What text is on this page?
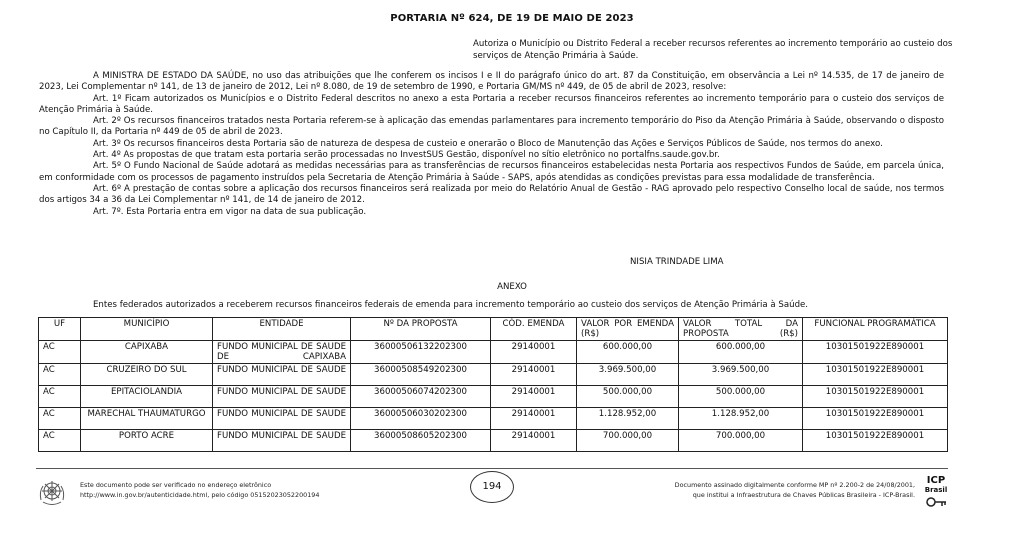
PORTARIA Nº 624, DE 19 DE MAIO DE 2023
Autoriza o Município ou Distrito Federal a receber recursos referentes ao incremento temporário ao custeio dos serviços de Atenção Primária à Saúde.

A MINISTRA DE ESTADO DA SAÚDE, no uso das atribuições que lhe conferem os incisos I e II do parágrafo único do art. 87 da Constituição, em observância a Lei nº 14.535, de 17 de janeiro de 2023, Lei Complementar nº 141, de 13 de janeiro de 2012, Lei nº 8.080, de 19 de setembro de 1990, e Portaria GM/MS nº 449, de 05 de abril de 2023, resolve:

Art. 1º Ficam autorizados os Municípios e o Distrito Federal descritos no anexo a esta Portaria a receber recursos financeiros referentes ao incremento temporário para o custeio dos serviços de Atenção Primária à Saúde.

Art. 2º Os recursos financeiros tratados nesta Portaria referem-se à aplicação das emendas parlamentares para incremento temporário do Piso da Atenção Primária à Saúde, observando o disposto no Capítulo II, da Portaria nº 449 de 05 de abril de 2023.

Art. 3º Os recursos financeiros desta Portaria são de natureza de despesa de custeio e onerarão o Bloco de Manutenção das Ações e Serviços Públicos de Saúde, nos termos do anexo.

Art. 4º As propostas de que tratam esta portaria serão processadas no InvestSUS Gestão, disponível no sítio eletrônico no portalfns.saude.gov.br.

Art. 5º O Fundo Nacional de Saúde adotará as medidas necessárias para as transferências de recursos financeiros estabelecidas nesta Portaria aos respectivos Fundos de Saúde, em parcela única, em conformidade com os processos de pagamento instruídos pela Secretaria de Atenção Primária à Saúde - SAPS, após atendidas as condições previstas para essa modalidade de transferência.

Art. 6º A prestação de contas sobre a aplicação dos recursos financeiros será realizada por meio do Relatório Anual de Gestão - RAG aprovado pelo respectivo Conselho local de saúde, nos termos dos artigos 34 a 36 da Lei Complementar nº 141, de 14 de janeiro de 2012.

Art. 7º. Esta Portaria entra em vigor na data de sua publicação.

NISIA TRINDADE LIMA
ANEXO
Entes federados autorizados a receberem recursos financeiros federais de emenda para incremento temporário ao custeio dos serviços de Atenção Primária à Saúde.
UF	MUNICÍPIO	ENTIDADE	Nº DA PROPOSTA	CÓD. EMENDA	VALOR POR EMENDA (R$)	VALOR TOTAL DA PROPOSTA (R$)	FUNCIONAL PROGRAMÁTICA
AC	CAPIXABA	FUNDO MUNICIPAL DE SAUDE DE CAPIXABA	36000506132202300	29140001	600.000,00	600.000,00	10301501922E890001
AC	CRUZEIRO DO SUL	FUNDO MUNICIPAL DE SAUDE	36000508549202300	29140001	3.969.500,00	3.969.500,00	10301501922E890001
AC	EPITACIOLANDIA	FUNDO MUNICIPAL DE SAUDE	36000506074202300	29140001	500.000,00	500.000,00	10301501922E890001
AC	MARECHAL THAUMATURGO	FUNDO MUNICIPAL DE SAUDE	36000506030202300	29140001	1.128.952,00	1.128.952,00	10301501922E890001
AC	PORTO ACRE	FUNDO MUNICIPAL DE SAUDE	36000508605202300	29140001	700.000,00	700.000,00	10301501922E890001
Este documento pode ser verificado no endereço eletrônico
http://www.in.gov.br/autenticidade.html, pelo código 05152023052200194
194	Documento assinado digitalmente conforme MP nº 2.200-2 de 24/08/2001,
que institui a Infraestrutura de Chaves Públicas Brasileira - ICP-Brasil.
ICP
Brasil
